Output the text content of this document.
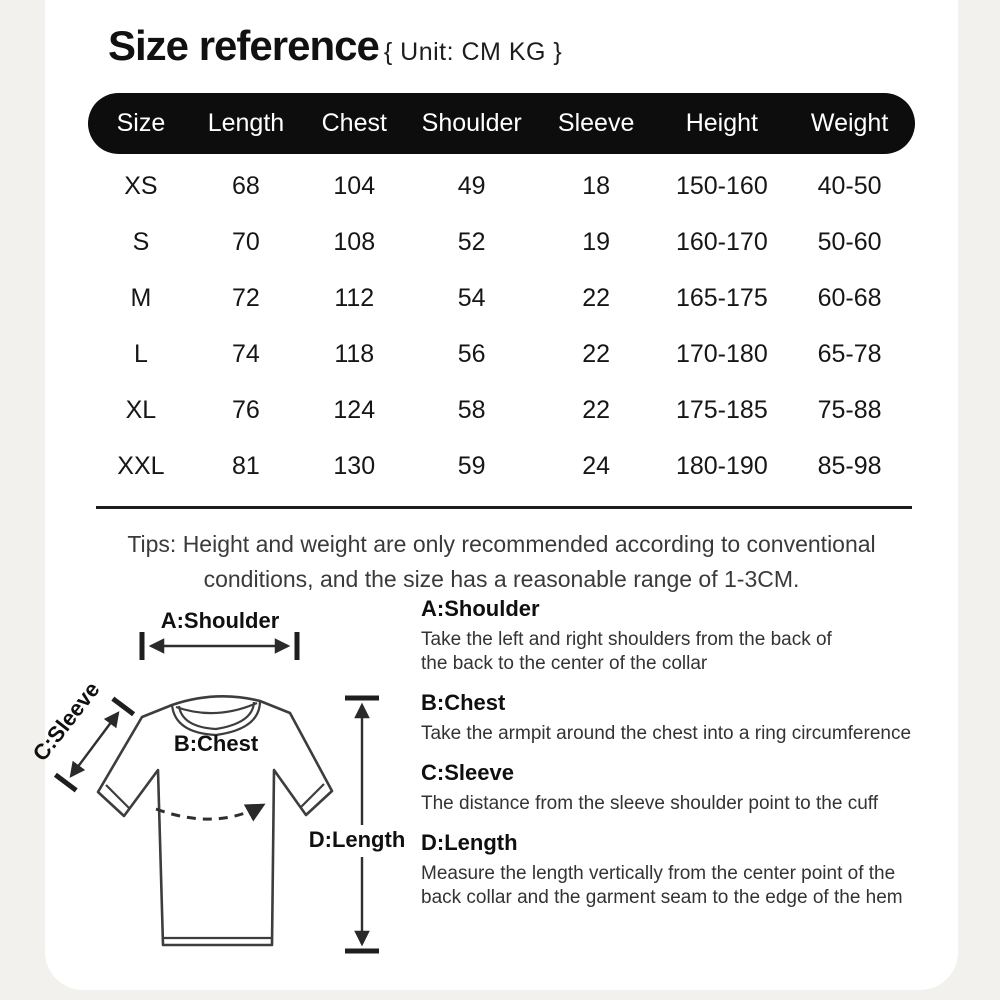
Size reference { Unit: CM KG }
Size	Length	Chest	Shoulder	Sleeve	Height	Weight
XS	68	104	49	18	150-160	40-50
S	70	108	52	19	160-170	50-60
M	72	112	54	22	165-175	60-68
L	74	118	56	22	170-180	65-78
XL	76	124	58	22	175-185	75-88
XXL	81	130	59	24	180-190	85-98
Tips: Height and weight are only recommended according to conventional
conditions, and the size has a reasonable range of 1-3CM.
A:Shoulder
B:Chest
C:Sleeve
D:Length
A:Shoulder
Take the left and right shoulders from the back of
the back to the center of the collar
B:Chest
Take the armpit around the chest into a ring circumference
C:Sleeve
The distance from the sleeve shoulder point to the cuff
D:Length
Measure the length vertically from the center point of the
back collar and the garment seam to the edge of the hem
